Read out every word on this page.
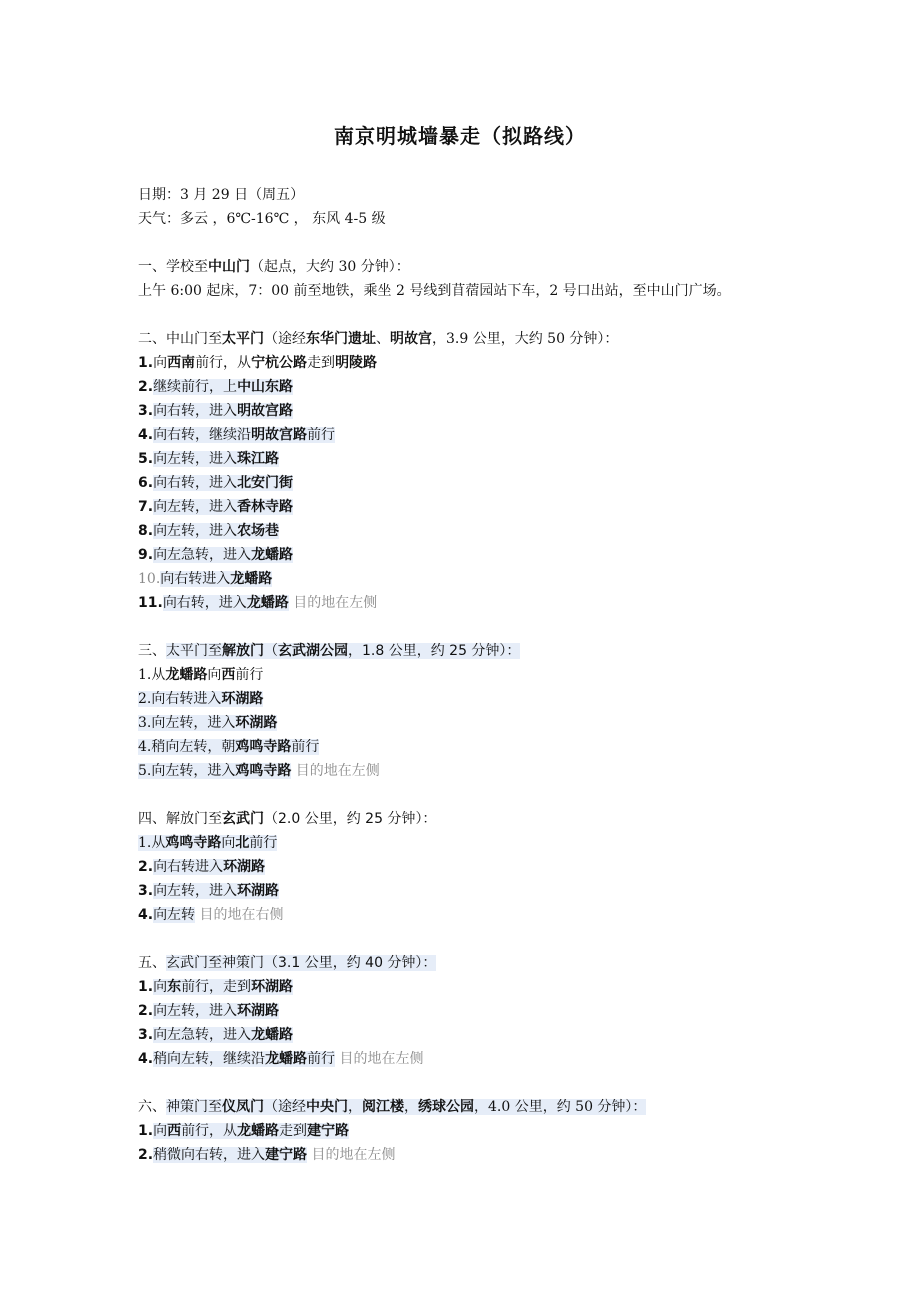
南京明城墙暴走（拟路线）
日期：3 月 29 日（周五）
天气：多云 ，6℃-16℃ ， 东风 4-5 级
一、学校至中山门（起点，大约 30 分钟）：
上午 6:00 起床，7：00 前至地铁，乘坐 2 号线到苜蓿园站下车，2 号口出站，至中山门广场。
二、中山门至太平门（途经东华门遗址、明故宫，3.9 公里，大约 50 分钟）：
1.向西南前行，从宁杭公路走到明陵路
2.继续前行，上中山东路
3.向右转，进入明故宫路
4.向右转，继续沿明故宫路前行
5.向左转，进入珠江路
6.向右转，进入北安门街
7.向左转，进入香林寺路
8.向左转，进入农场巷
9.向左急转，进入龙蟠路
10.向右转进入龙蟠路
11.向右转，进入龙蟠路 目的地在左侧
三、太平门至解放门（玄武湖公园，1.8 公里，约 25 分钟）：
1.从龙蟠路向西前行
2.向右转进入环湖路
3.向左转，进入环湖路
4.稍向左转，朝鸡鸣寺路前行
5.向左转，进入鸡鸣寺路 目的地在左侧
四、解放门至玄武门（2.0 公里，约 25 分钟）：
1.从鸡鸣寺路向北前行
2.向右转进入环湖路
3.向左转，进入环湖路
4.向左转 目的地在右侧
五、玄武门至神策门（3.1 公里，约 40 分钟）：
1.向东前行，走到环湖路
2.向左转，进入环湖路
3.向左急转，进入龙蟠路
4.稍向左转，继续沿龙蟠路前行 目的地在左侧
六、神策门至仪凤门（途经中央门，阅江楼，绣球公园，4.0 公里，约 50 分钟）：
1.向西前行，从龙蟠路走到建宁路
2.稍微向右转，进入建宁路 目的地在左侧
